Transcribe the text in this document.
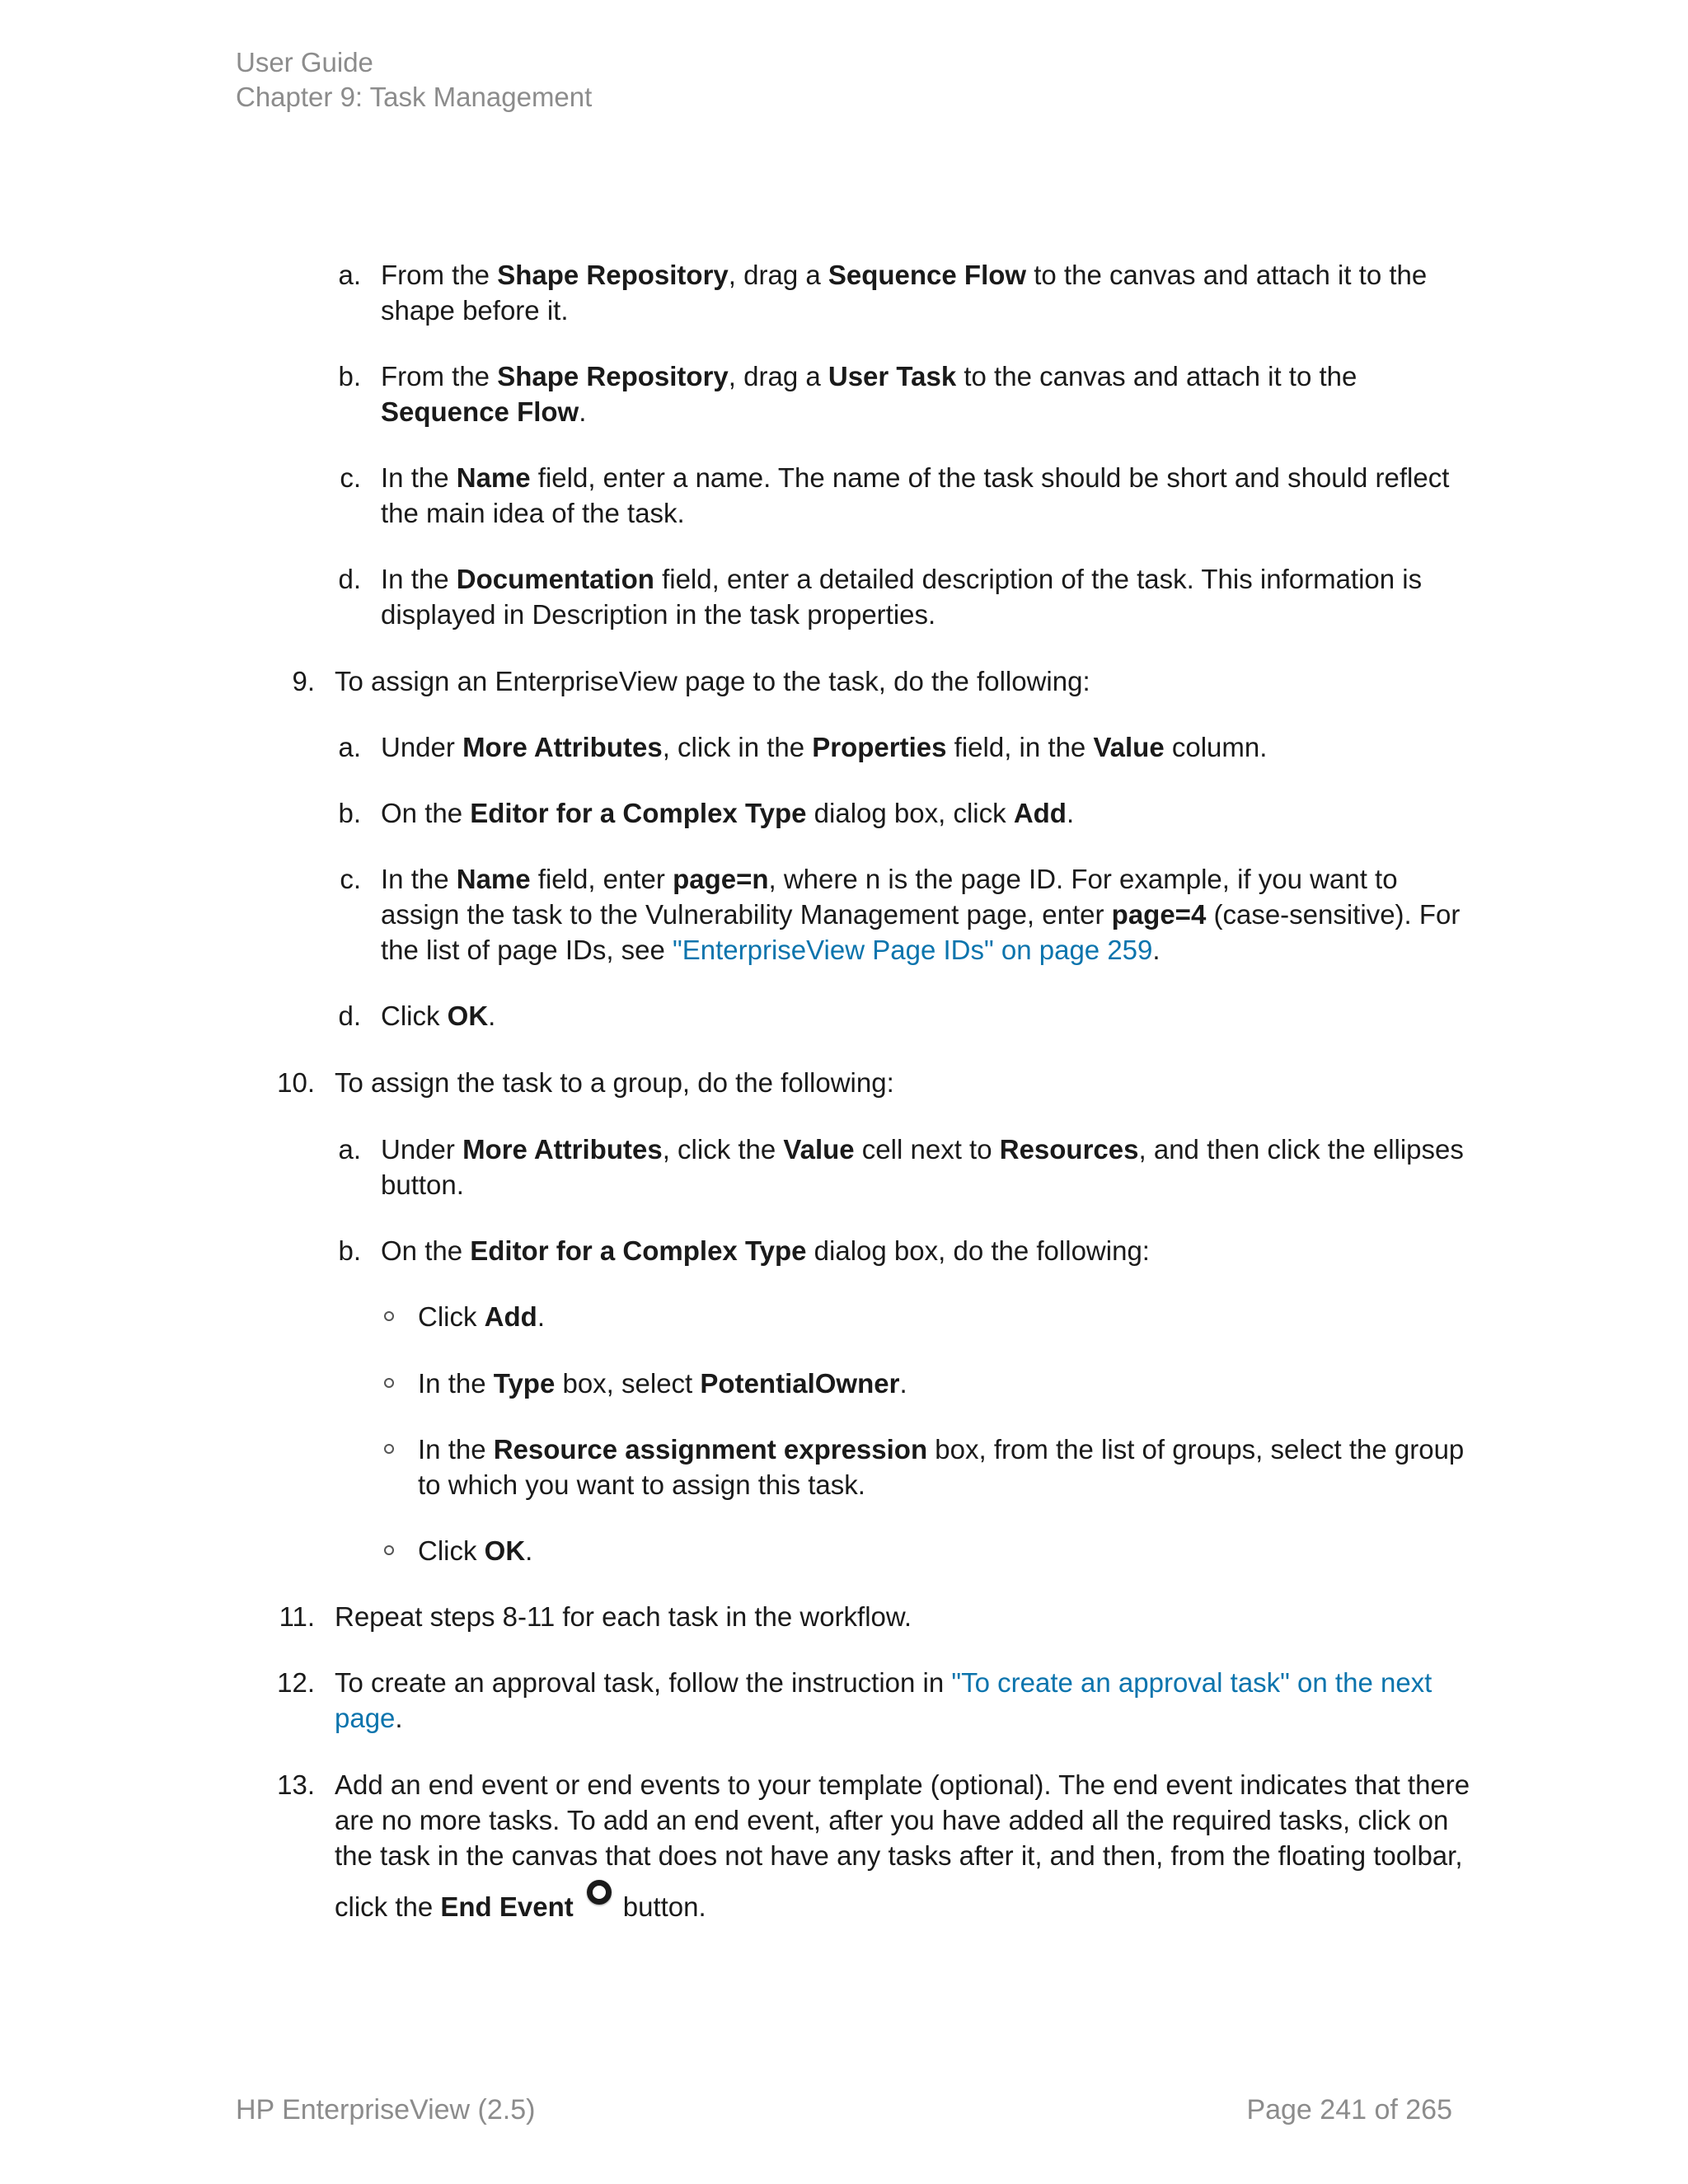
User Guide
Chapter 9: Task Management
a. From the Shape Repository, drag a Sequence Flow to the canvas and attach it to the
shape before it.
b. From the Shape Repository, drag a User Task to the canvas and attach it to the
Sequence Flow.
c. In the Name field, enter a name. The name of the task should be short and should reflect
the main idea of the task.
d. In the Documentation field, enter a detailed description of the task. This information is
displayed in Description in the task properties.
9. To assign an EnterpriseView page to the task, do the following:
a. Under More Attributes, click in the Properties field, in the Value column.
b. On the Editor for a Complex Type dialog box, click Add.
c. In the Name field, enter page=n, where n is the page ID. For example, if you want to
assign the task to the Vulnerability Management page, enter page=4 (case-sensitive). For
the list of page IDs, see "EnterpriseView Page IDs" on page 259.
d. Click OK.
10. To assign the task to a group, do the following:
a. Under More Attributes, click the Value cell next to Resources, and then click the ellipses
button.
b. On the Editor for a Complex Type dialog box, do the following:
Click Add.
In the Type box, select PotentialOwner.
In the Resource assignment expression box, from the list of groups, select the group
to which you want to assign this task.
Click OK.
11. Repeat steps 8-11 for each task in the workflow.
12. To create an approval task, follow the instruction in "To create an approval task" on the next
page.
13. Add an end event or end events to your template (optional). The end event indicates that there
are no more tasks. To add an end event, after you have added all the required tasks, click on
the task in the canvas that does not have any tasks after it, and then, from the floating toolbar,
click the End Event button.
HP EnterpriseView (2.5)	Page 241 of 265
